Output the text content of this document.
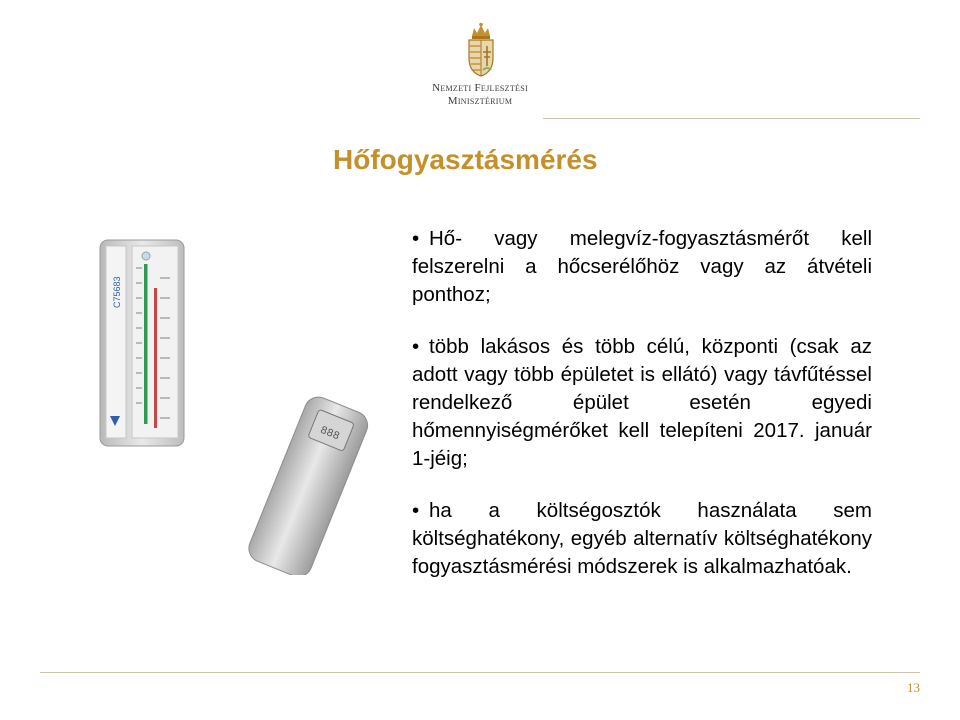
Nemzeti Fejlesztési
Minisztérium
Hőfogyasztásmérés
C75683
888
• Hő- vagy melegvíz-fogyasztásmérőt kell felszerelni a hőcserélőhöz vagy az átvételi ponthoz;
• több lakásos és több célú, központi (csak az adott vagy több épületet is ellátó) vagy távfűtéssel rendelkező épület esetén egyedi hőmennyiségmérőket kell telepíteni 2017. január 1-jéig;
• ha a költségosztók használata sem költséghatékony, egyéb alternatív költséghatékony fogyasztásmérési módszerek is alkalmazhatóak.
13
